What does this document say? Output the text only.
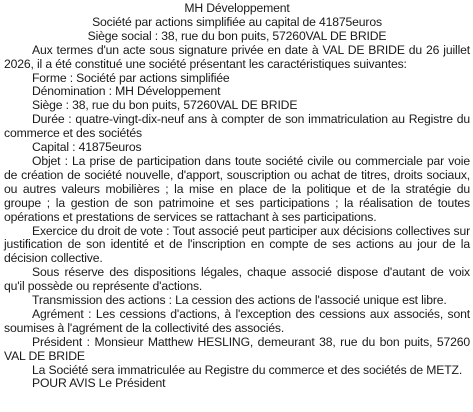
MH Développement

Société par actions simplifiée au capital de 41875euros

Siège social : 38, rue du bon puits, 57260VAL DE BRIDE

Aux termes d'un acte sous signature privée en date à VAL DE BRIDE du 26 juillet 2026, il a été constitué une société présentant les caractéristiques suivantes:

Forme : Société par actions simplifiée

Dénomination : MH Développement

Siège : 38, rue du bon puits, 57260VAL DE BRIDE

Durée : quatre-vingt-dix-neuf ans à compter de son immatriculation au Registre du commerce et des sociétés

Capital : 41875euros

Objet : La prise de participation dans toute société civile ou commerciale par voie de création de société nouvelle, d'apport, souscription ou achat de titres, droits sociaux, ou autres valeurs mobilières ; la mise en place de la politique et de la stratégie du groupe ; la gestion de son patrimoine et ses participations ; la réalisation de toutes opérations et prestations de services se rattachant à ses participations.

Exercice du droit de vote : Tout associé peut participer aux décisions collectives sur justification de son identité et de l'inscription en compte de ses actions au jour de la décision collective.

Sous réserve des dispositions légales, chaque associé dispose d'autant de voix qu'il possède ou représente d'actions.

Transmission des actions : La cession des actions de l'associé unique est libre.

Agrément : Les cessions d'actions, à l'exception des cessions aux associés, sont soumises à l'agrément de la collectivité des associés.

Président : Monsieur Matthew HESLING, demeurant 38, rue du bon puits, 57260 VAL DE BRIDE

La Société sera immatriculée au Registre du commerce et des sociétés de METZ.

POUR AVIS Le Président
